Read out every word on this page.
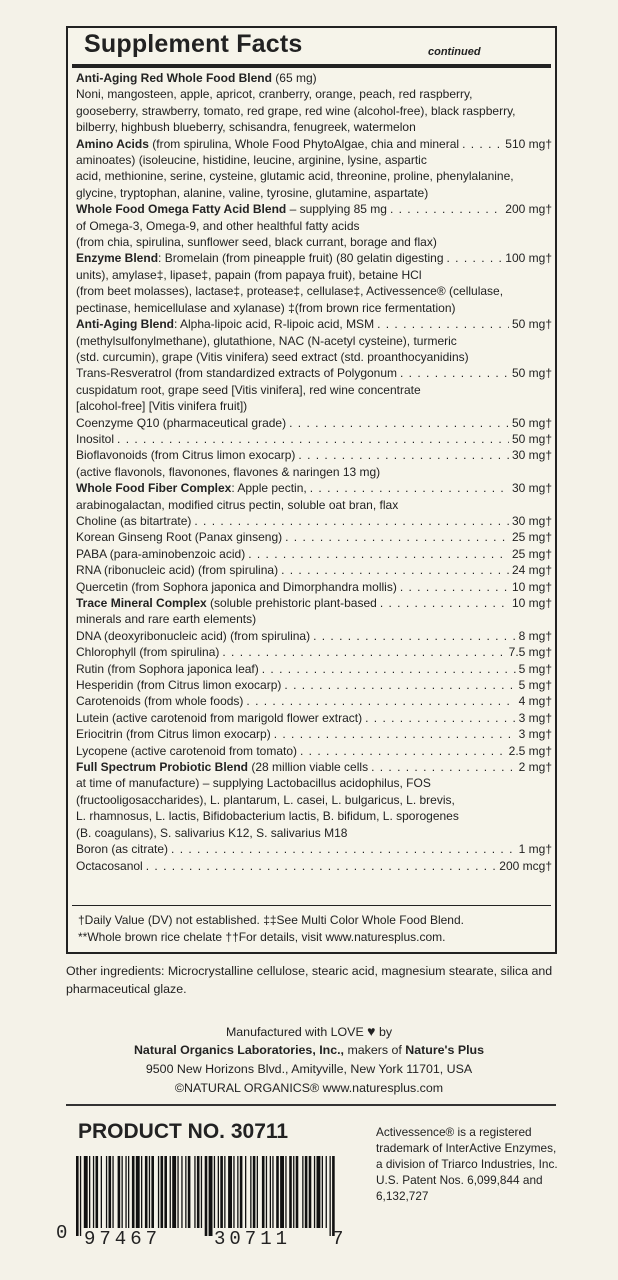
Supplement Facts	continued
Anti-Aging Red Whole Food Blend (65 mg)
Noni, mangosteen, apple, apricot, cranberry, orange, peach, red raspberry,
gooseberry, strawberry, tomato, red grape, red wine (alcohol-free), black raspberry,
bilberry, highbush blueberry, schisandra, fenugreek, watermelon
Amino Acids (from spirulina, Whole Food PhytoAlgae, chia and mineral . . .	510 mg†
aminoates) (isoleucine, histidine, leucine, arginine, lysine, aspartic
acid, methionine, serine, cysteine, glutamic acid, threonine, proline, phenylalanine,
glycine, tryptophan, alanine, valine, tyrosine, glutamine, aspartate)
Whole Food Omega Fatty Acid Blend – supplying 85 mg . . .	200 mg†
of Omega-3, Omega-9, and other healthful fatty acids
(from chia, spirulina, sunflower seed, black currant, borage and flax)
Enzyme Blend: Bromelain (from pineapple fruit) (80 gelatin digesting . . .	100 mg†
units), amylase‡, lipase‡, papain (from papaya fruit), betaine HCl
(from beet molasses), lactase‡, protease‡, cellulase‡, Activessence® (cellulase,
pectinase, hemicellulase and xylanase) ‡(from brown rice fermentation)
Anti-Aging Blend: Alpha-lipoic acid, R-lipoic acid, MSM . . .	50 mg†
(methylsulfonylmethane), glutathione, NAC (N-acetyl cysteine), turmeric
(std. curcumin), grape (Vitis vinifera) seed extract (std. proanthocyanidins)
Trans-Resveratrol (from standardized extracts of Polygonum . . .	50 mg†
cuspidatum root, grape seed [Vitis vinifera], red wine concentrate
[alcohol-free] [Vitis vinifera fruit])
Coenzyme Q10 (pharmaceutical grade) . . .	50 mg†
Inositol . . .	50 mg†
Bioflavonoids (from Citrus limon exocarp) . . .	30 mg†
(active flavonols, flavonones, flavones & naringen 13 mg)
Whole Food Fiber Complex: Apple pectin, . . .	30 mg†
arabinogalactan, modified citrus pectin, soluble oat bran, flax
Choline (as bitartrate) . . .	30 mg†
Korean Ginseng Root (Panax ginseng) . . .	25 mg†
PABA (para-aminobenzoic acid) . . .	25 mg†
RNA (ribonucleic acid) (from spirulina) . . .	24 mg†
Quercetin (from Sophora japonica and Dimorphandra mollis) . . .	10 mg†
Trace Mineral Complex (soluble prehistoric plant-based . . .	10 mg†
minerals and rare earth elements)
DNA (deoxyribonucleic acid) (from spirulina) . . .	8 mg†
Chlorophyll (from spirulina) . . .	7.5 mg†
Rutin (from Sophora japonica leaf) . . .	5 mg†
Hesperidin (from Citrus limon exocarp) . . .	5 mg†
Carotenoids (from whole foods) . . .	4 mg†
Lutein (active carotenoid from marigold flower extract) . . .	3 mg†
Eriocitrin (from Citrus limon exocarp) . . .	3 mg†
Lycopene (active carotenoid from tomato) . . .	2.5 mg†
Full Spectrum Probiotic Blend (28 million viable cells . . .	2 mg†
at time of manufacture) – supplying Lactobacillus acidophilus, FOS
(fructooligosaccharides), L. plantarum, L. casei, L. bulgaricus, L. brevis,
L. rhamnosus, L. lactis, Bifidobacterium lactis, B. bifidum, L. sporogenes
(B. coagulans), S. salivarius K12, S. salivarius M18
Boron (as citrate) . . .	1 mg†
Octacosanol . . .	200 mcg†
†Daily Value (DV) not established. ‡‡See Multi Color Whole Food Blend.
**Whole brown rice chelate ††For details, visit www.naturesplus.com.
Other ingredients: Microcrystalline cellulose, stearic acid, magnesium stearate, silica and pharmaceutical glaze.
Manufactured with LOVE ♥ by
Natural Organics Laboratories, Inc., makers of Nature's Plus
9500 New Horizons Blvd., Amityville, New York 11701, USA
©NATURAL ORGANICS® www.naturesplus.com
PRODUCT NO. 30711
0 97467	30711 7
Activessence® is a registered
trademark of InterActive Enzymes,
a division of Triarco Industries, Inc.
U.S. Patent Nos. 6,099,844 and
6,132,727
